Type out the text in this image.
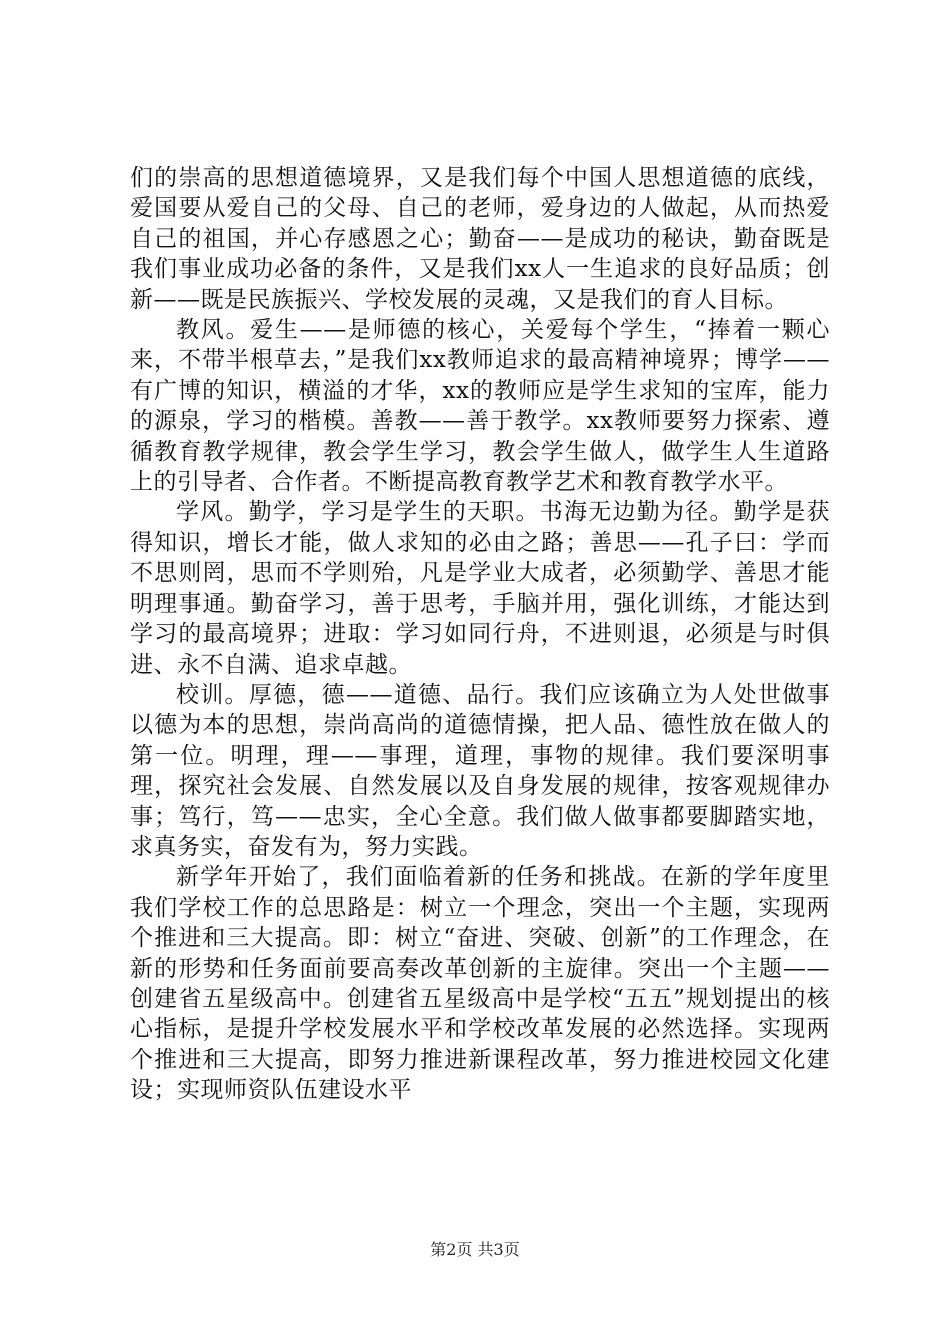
们的崇高的思想道德境界，又是我们每个中国人思想道德的底线，爱国要从爱自己的父母、自己的老师，爱身边的人做起，从而热爱自己的祖国，并心存感恩之心；勤奋——是成功的秘诀，勤奋既是我们事业成功必备的条件，又是我们xx人一生追求的良好品质；创新——既是民族振兴、学校发展的灵魂，又是我们的育人目标。

教风。爱生——是师德的核心，关爱每个学生，“捧着一颗心来，不带半根草去，”是我们xx教师追求的最高精神境界；博学——有广博的知识，横溢的才华，xx的教师应是学生求知的宝库，能力的源泉，学习的楷模。善教——善于教学。xx教师要努力探索、遵循教育教学规律，教会学生学习，教会学生做人，做学生人生道路上的引导者、合作者。不断提高教育教学艺术和教育教学水平。

学风。勤学，学习是学生的天职。书海无边勤为径。勤学是获得知识，增长才能，做人求知的必由之路；善思——孔子曰：学而不思则罔，思而不学则殆，凡是学业大成者，必须勤学、善思才能明理事通。勤奋学习，善于思考，手脑并用，强化训练，才能达到学习的最高境界；进取：学习如同行舟，不进则退，必须是与时俱进、永不自满、追求卓越。

校训。厚德，德——道德、品行。我们应该确立为人处世做事以德为本的思想，崇尚高尚的道德情操，把人品、德性放在做人的第一位。明理，理——事理，道理，事物的规律。我们要深明事理，探究社会发展、自然发展以及自身发展的规律，按客观规律办事；笃行，笃——忠实，全心全意。我们做人做事都要脚踏实地，求真务实，奋发有为，努力实践。

新学年开始了，我们面临着新的任务和挑战。在新的学年度里我们学校工作的总思路是：树立一个理念，突出一个主题，实现两个推进和三大提高。即：树立“奋进、突破、创新”的工作理念，在新的形势和任务面前要高奏改革创新的主旋律。突出一个主题——创建省五星级高中。创建省五星级高中是学校“五五”规划提出的核心指标，是提升学校发展水平和学校改革发展的必然选择。实现两个推进和三大提高，即努力推进新课程改革，努力推进校园文化建设；实现师资队伍建设水平

第2页 共3页
